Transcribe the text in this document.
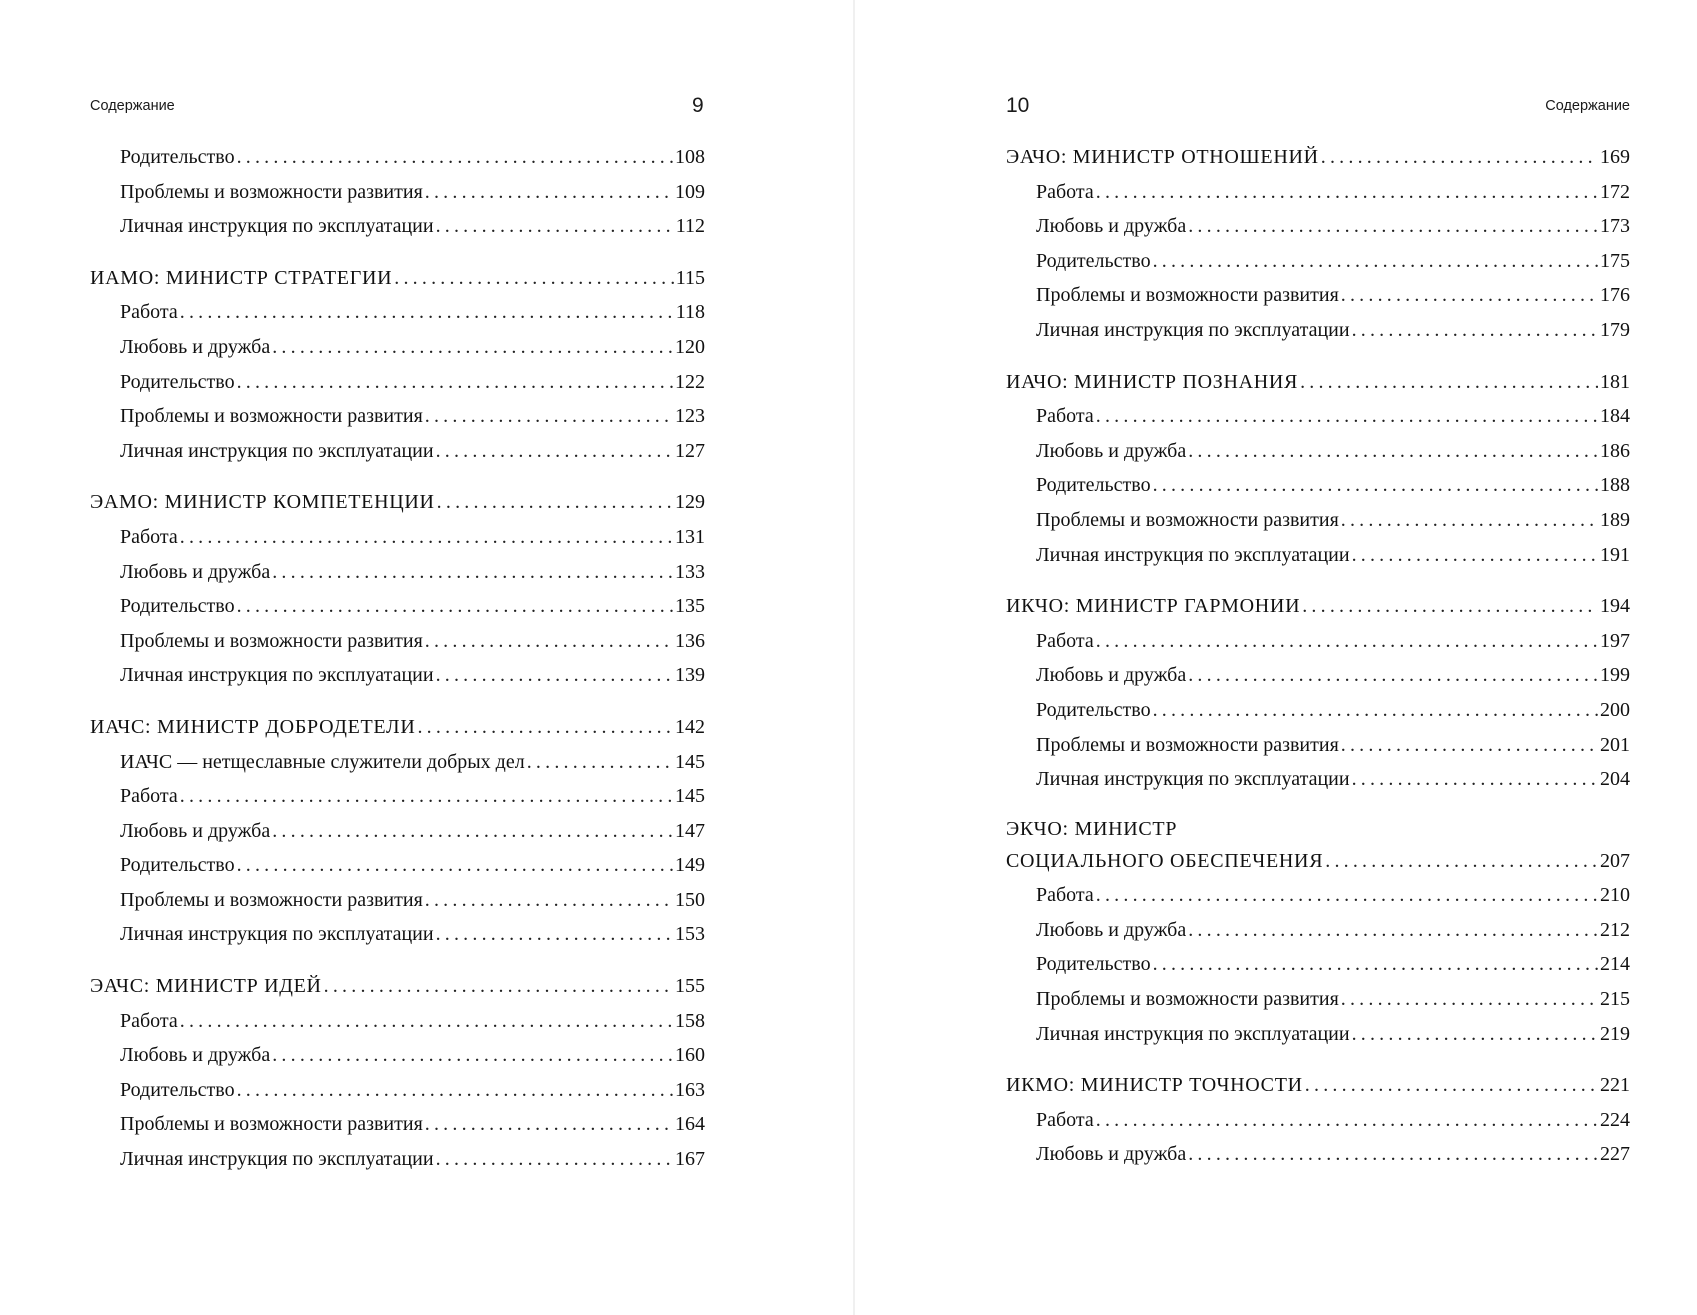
Содержание	9
Родительство .....	108
Проблемы и возможности развития .....	109
Личная инструкция по эксплуатации .....	112
ИАМО: МИНИСТР СТРАТЕГИИ .....	115
Работа .....	118
Любовь и дружба .....	120
Родительство .....	122
Проблемы и возможности развития .....	123
Личная инструкция по эксплуатации .....	127
ЭАМО: МИНИСТР КОМПЕТЕНЦИИ .....	129
Работа .....	131
Любовь и дружба .....	133
Родительство .....	135
Проблемы и возможности развития .....	136
Личная инструкция по эксплуатации .....	139
ИАЧС: МИНИСТР ДОБРОДЕТЕЛИ .....	142
ИАЧС — нетщеславные служители добрых дел .....	145
Работа .....	145
Любовь и дружба .....	147
Родительство .....	149
Проблемы и возможности развития .....	150
Личная инструкция по эксплуатации .....	153
ЭАЧС: МИНИСТР ИДЕЙ .....	155
Работа .....	158
Любовь и дружба .....	160
Родительство .....	163
Проблемы и возможности развития .....	164
Личная инструкция по эксплуатации .....	167
Содержание
10
ЭАЧО: МИНИСТР ОТНОШЕНИЙ .....	169
Работа .....	172
Любовь и дружба .....	173
Родительство .....	175
Проблемы и возможности развития .....	176
Личная инструкция по эксплуатации .....	179
ИАЧО: МИНИСТР ПОЗНАНИЯ .....	181
Работа .....	184
Любовь и дружба .....	186
Родительство .....	188
Проблемы и возможности развития .....	189
Личная инструкция по эксплуатации .....	191
ИКЧО: МИНИСТР ГАРМОНИИ .....	194
Работа .....	197
Любовь и дружба .....	199
Родительство .....	200
Проблемы и возможности развития .....	201
Личная инструкция по эксплуатации .....	204
ЭКЧО: МИНИСТР
СОЦИАЛЬНОГО ОБЕСПЕЧЕНИЯ .....	207
Работа .....	210
Любовь и дружба .....	212
Родительство .....	214
Проблемы и возможности развития .....	215
Личная инструкция по эксплуатации .....	219
ИКМО: МИНИСТР ТОЧНОСТИ .....	221
Работа .....	224
Любовь и дружба .....	227
